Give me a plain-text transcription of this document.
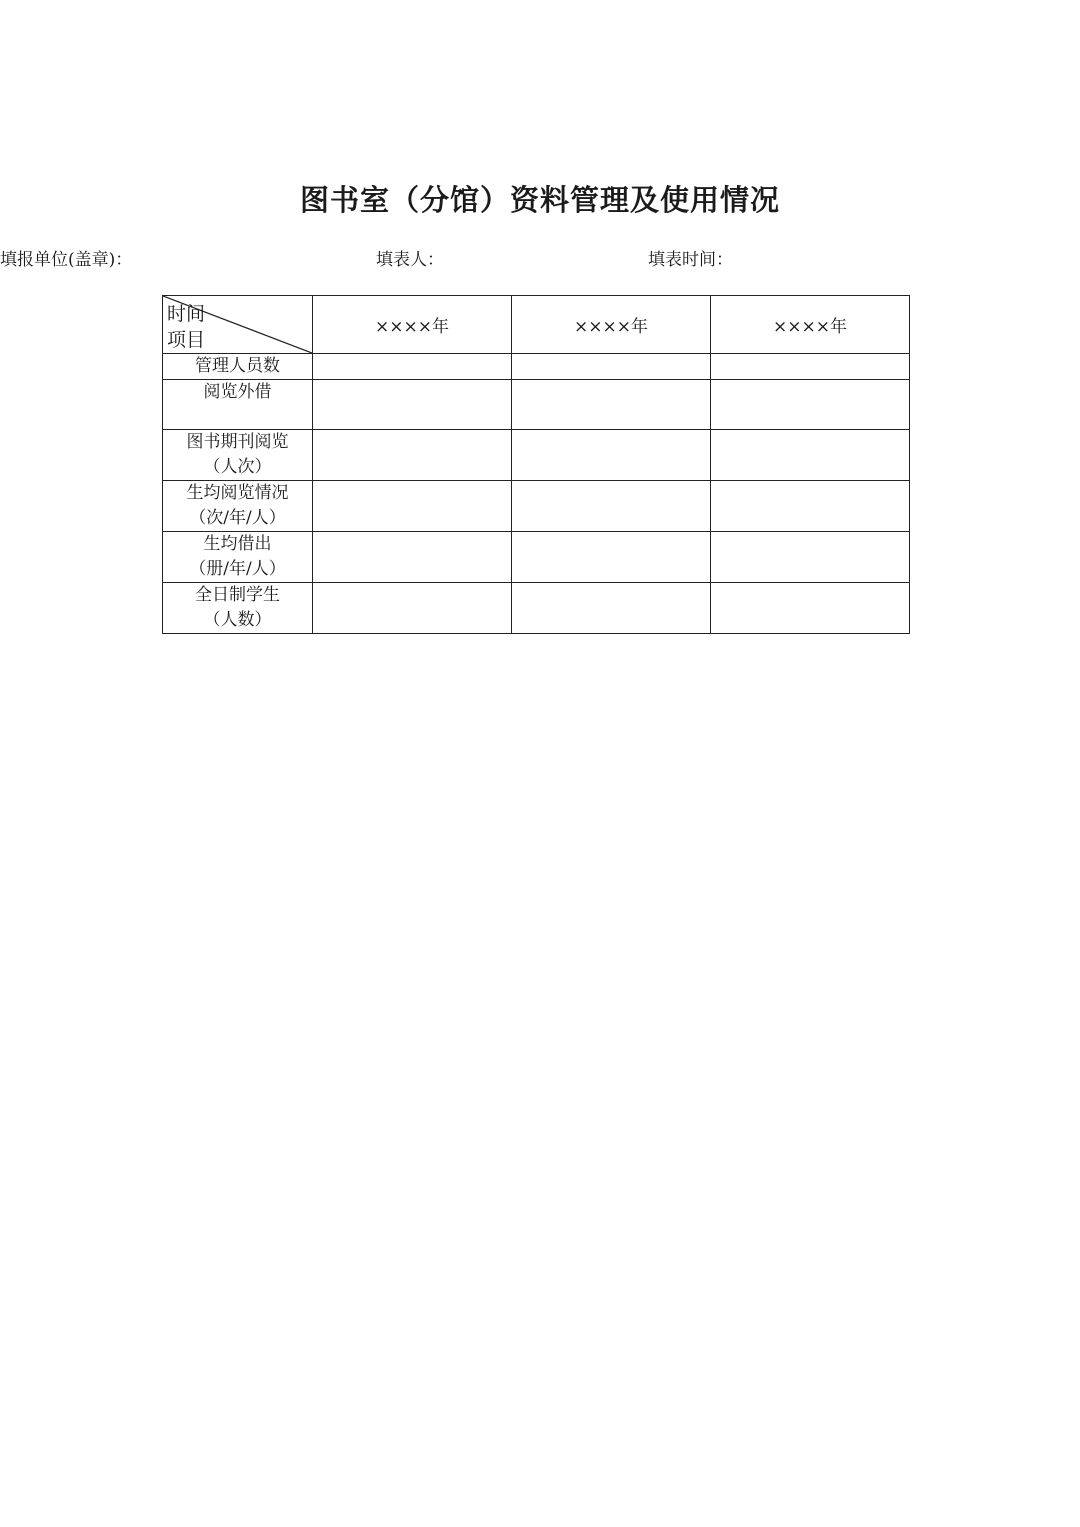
图书室（分馆）资料管理及使用情况
填报单位(盖章)：	填表人：	填表时间：
时间
项目	××××年	××××年	××××年

管理人员数			

阅览外借			

图书期刊阅览
（人次）			

生均阅览情况
（次/年/人）			

生均借出
（册/年/人）			

全日制学生
（人数）			
